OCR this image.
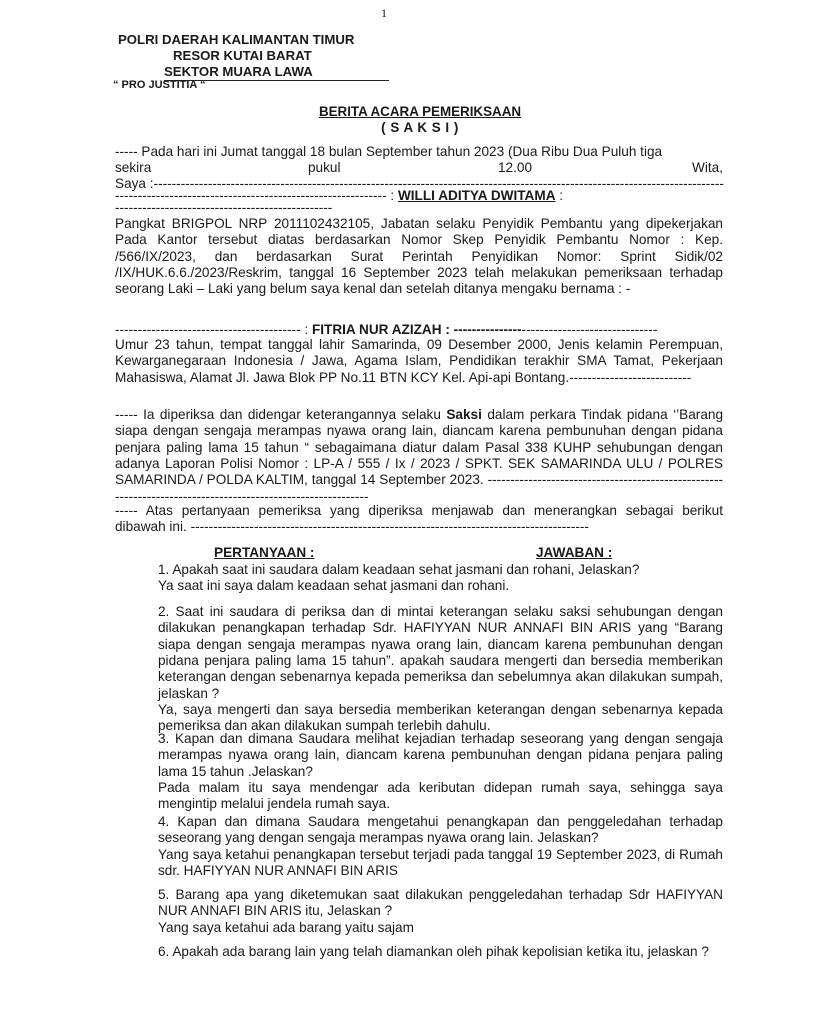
1
POLRI DAERAH KALIMANTAN TIMUR
RESOR KUTAI BARAT
SEKTOR MUARA LAWA
“ PRO JUSTITIA “
BERITA ACARA PEMERIKSAAN
( S A K S I )
----- Pada hari ini Jumat tanggal 18 bulan September tahun 2023 (Dua Ribu Dua Puluh tiga
sekira	pukul	12.00	Wita,
Saya :------------------------------------------------------------------------------------------------------------------------------
------------------------------------------------------------ : WILLI ADITYA DWITAMA :
------------------------------------------------
Pangkat BRIGPOL NRP 2011102432105, Jabatan selaku Penyidik Pembantu yang dipekerjakan Pada Kantor tersebut diatas berdasarkan Nomor Skep Penyidik Pembantu Nomor : Kep. /566/IX/2023, dan berdasarkan Surat Perintah Penyidikan Nomor: Sprint Sidik/02 /IX/HUK.6.6./2023/Reskrim, tanggal 16 September 2023 telah melakukan pemeriksaan terhadap seorang Laki – Laki yang belum saya kenal dan setelah ditanya mengaku bernama : -
----------------------------------------- : FITRIA NUR AZIZAH : ---------------------------------------------
Umur 23 tahun, tempat tanggal lahir Samarinda, 09 Desember 2000, Jenis kelamin Perempuan, Kewarganegaraan Indonesia / Jawa, Agama Islam, Pendidikan terakhir SMA Tamat, Pekerjaan Mahasiswa, Alamat Jl. Jawa Blok PP No.11 BTN KCY Kel. Api-api Bontang.---------------------------
----- Ia diperiksa dan didengar keterangannya selaku Saksi dalam perkara Tindak pidana ‘’Barang siapa dengan sengaja merampas nyawa orang lain, diancam karena pembunuhan dengan pidana penjara paling lama 15 tahun “ sebagaimana diatur dalam Pasal 338 KUHP sehubungan dengan adanya Laporan Polisi Nomor : LP-A / 555 / Ix / 2023 / SPKT. SEK SAMARINDA ULU / POLRES SAMARINDA / POLDA KALTIM, tanggal 14 September 2023. ------------------------------------------------------------------------------------------------------------
----- Atas pertanyaan pemeriksa yang diperiksa menjawab dan menerangkan sebagai berikut dibawah ini. ----------------------------------------------------------------------------------------
PERTANYAAN :	JAWABAN :

1. Apakah saat ini saudara dalam keadaan sehat jasmani dan rohani, Jelaskan?

Ya saat ini saya dalam keadaan sehat jasmani dan rohani.

2. Saat ini saudara di periksa dan di mintai keterangan selaku saksi sehubungan dengan dilakukan penangkapan terhadap Sdr. HAFIYYAN NUR ANNAFI BIN ARIS yang “Barang siapa dengan sengaja merampas nyawa orang lain, diancam karena pembunuhan dengan pidana penjara paling lama 15 tahun”. apakah saudara mengerti dan bersedia memberikan keterangan dengan sebenarnya kepada pemeriksa dan sebelumnya akan dilakukan sumpah, jelaskan ?

Ya, saya mengerti dan saya bersedia memberikan keterangan dengan sebenarnya kepada pemeriksa dan akan dilakukan sumpah terlebih dahulu.

3. Kapan dan dimana Saudara melihat kejadian terhadap seseorang yang dengan sengaja merampas nyawa orang lain, diancam karena pembunuhan dengan pidana penjara paling lama 15 tahun .Jelaskan?

Pada malam itu saya mendengar ada keributan didepan rumah saya, sehingga saya mengintip melalui jendela rumah saya.

4. Kapan dan dimana Saudara mengetahui penangkapan dan penggeledahan terhadap seseorang yang dengan sengaja merampas nyawa orang lain. Jelaskan?

Yang saya ketahui penangkapan tersebut terjadi pada tanggal 19 September 2023, di Rumah sdr. HAFIYYAN NUR ANNAFI BIN ARIS

5. Barang apa yang diketemukan saat dilakukan penggeledahan terhadap Sdr HAFIYYAN NUR ANNAFI BIN ARIS itu, Jelaskan ?

Yang saya ketahui ada barang yaitu sajam

6. Apakah ada barang lain yang telah diamankan oleh pihak kepolisian ketika itu, jelaskan ?
